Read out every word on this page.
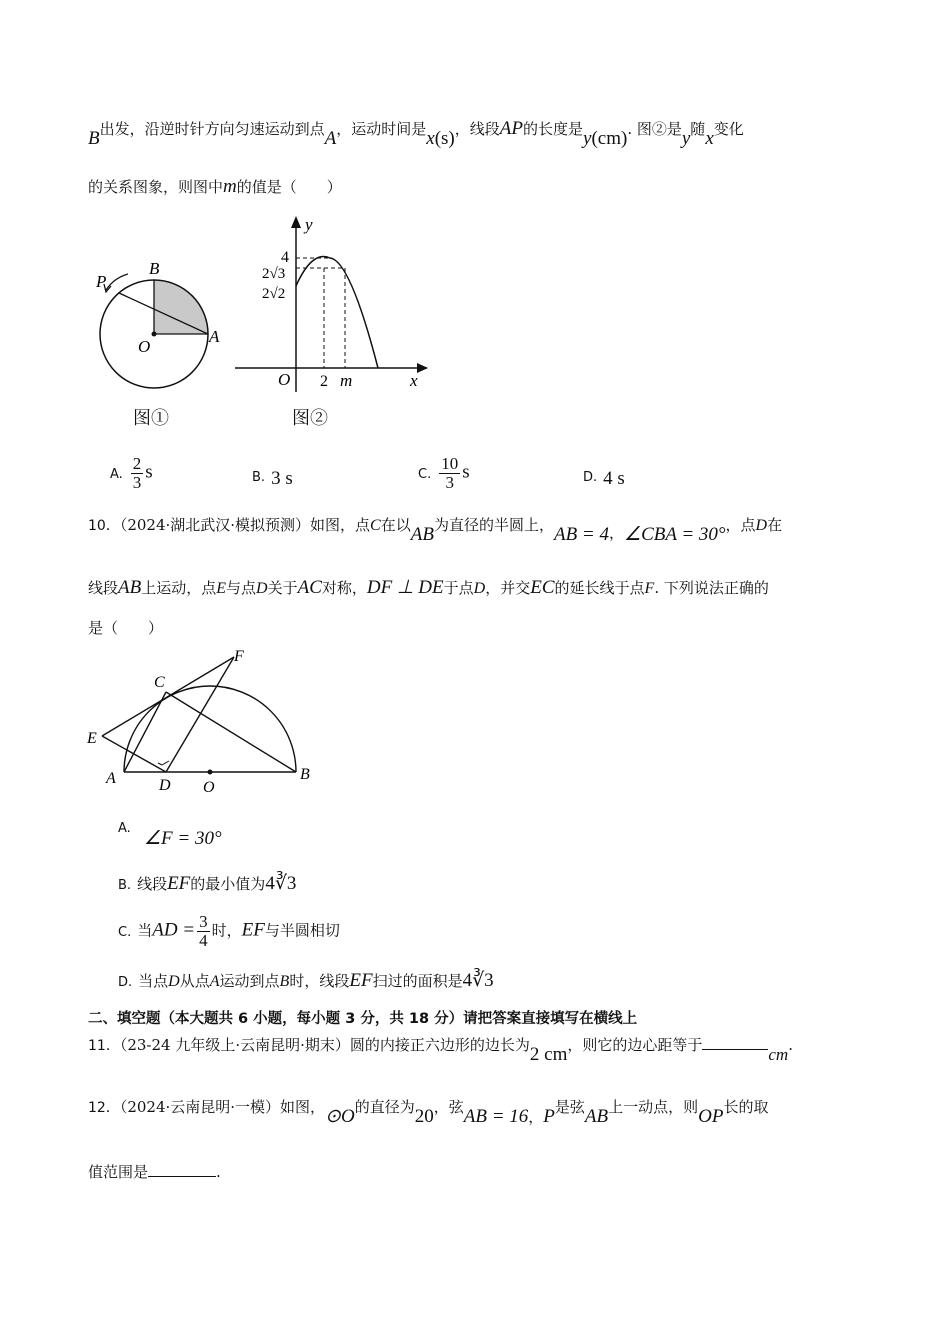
B出发，沿逆时针方向匀速运动到点A，运动时间是x(s)，线段AP的长度是y(cm). 图②是y随x变化
的关系图象，则图中m的值是（　　）
P
B
O
A
图①
y
4
2√3
2√2
O 2 m	x
图②
A. $\frac{2}{3}$ s	B. 3 s	C. $\frac{10}{3}$ s	D. 4 s
10．（2024·湖北武汉·模拟预测）如图，点C在以AB为直径的半圆上，AB = 4，∠CBA = 30°，点D在
线段AB上运动，点E与点D关于AC对称，DF ⊥ DE于点D，并交EC的延长线于点F. 下列说法正确的
是（　　）
F
C
E
A	D O
B
A. ∠F = 30°
B. 线段EF的最小值为4∛3
C. 当AD = $\frac{3}{4}$ 时，EF与半圆相切
D. 当点D从点A运动到点B时，线段EF扫过的面积是4∛3
二、填空题（本大题共 6 小题，每小题 3 分，共 18 分）请把答案直接填写在横线上
11．（23-24 九年级上·云南昆明·期末）圆的内接正六边形的边长为2 cm，则它的边心距等于	cm.
12．（2024·云南昆明·一模）如图，⊙O的直径为20，弦AB = 16，P是弦AB上一动点，则OP长的取
值范围是	.
